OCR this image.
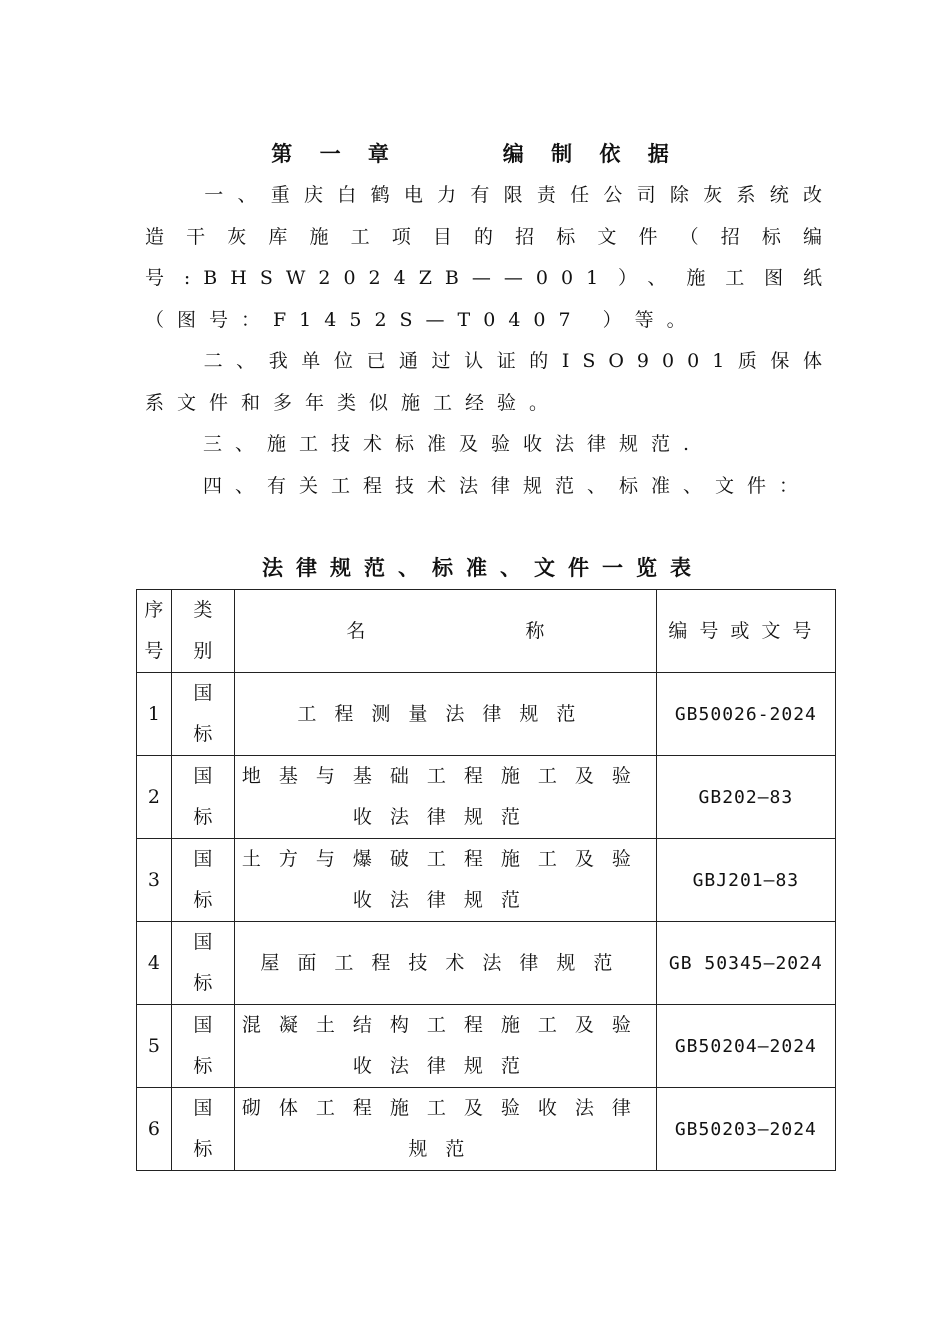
第 一 章      编 制 依 据
一、重庆白鹤电力有限责任公司除灰系统改造干灰库施工项目的招标文件（招标编号:BHSW2024ZB——001）、施工图纸（图号：F1452S—T0407 ）等。
二、我单位已通过认证的ISO9001质保体系文件和多年类似施工经验。
三、施工技术标准及验收法律规范.
四、有关工程技术法律规范、标准、文件：
法律规范、标准、文件一览表
序号	类别	名 称	编号或文号
1	国标	工程测量法律规范	GB50026-2024
2	国标	地基与基础工程施工及验收法律规范	GB202—83
3	国标	土方与爆破工程施工及验收法律规范	GBJ201—83
4	国标	屋面工程技术法律规范	GB 50345—2024
5	国标	混凝土结构工程施工及验收法律规范	GB50204—2024
6	国标	砌体工程施工及验收法律规范	GB50203—2024
